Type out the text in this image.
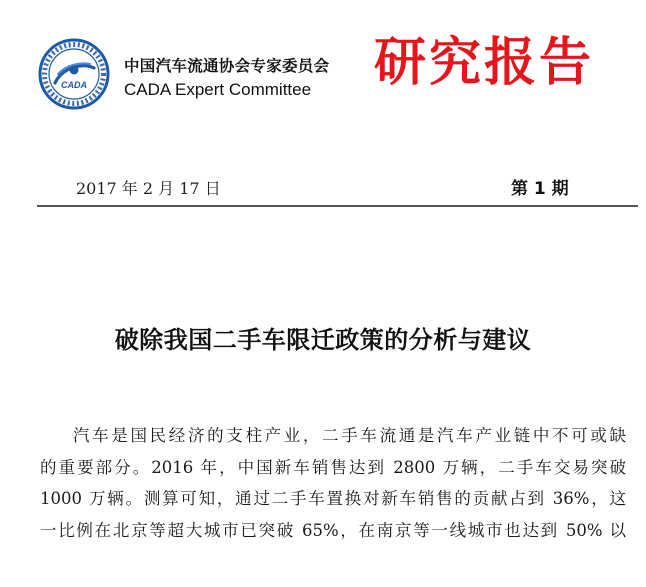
CADA
中国汽车流通协会专家委员会
CADA Expert Committee 研究报告
2017 年 2 月 17 日	第 1 期
破除我国二手车限迁政策的分析与建议
汽车是国民经济的支柱产业，二手车流通是汽车产业链中不可或缺
的重要部分。2016 年，中国新车销售达到 2800 万辆，二手车交易突破
1000 万辆。测算可知，通过二手车置换对新车销售的贡献占到 36%，这
一比例在北京等超大城市已突破 65%，在南京等一线城市也达到 50% 以
